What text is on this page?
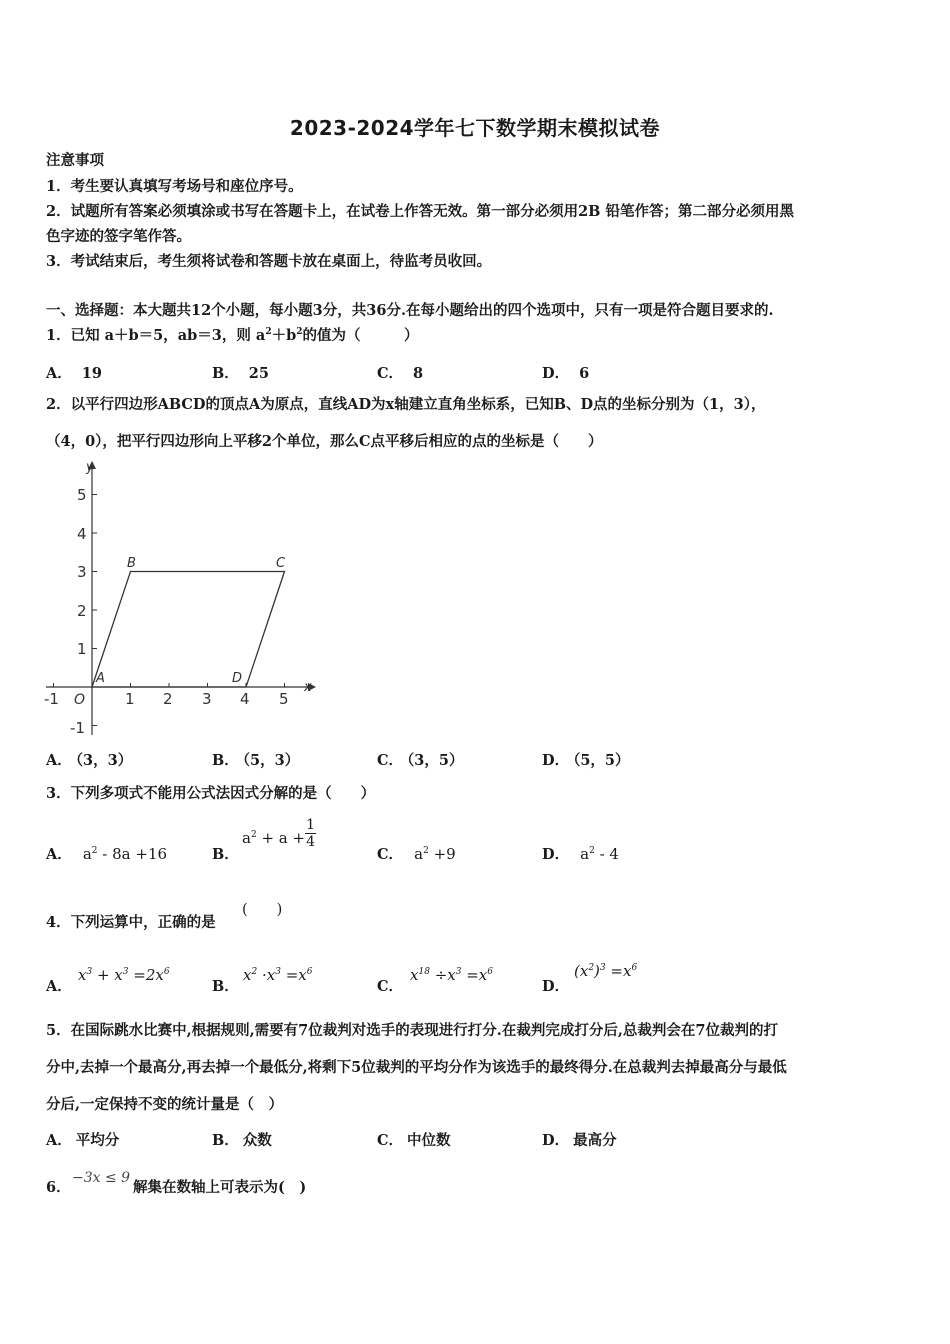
2023-2024学年七下数学期末模拟试卷
注意事项
1．考生要认真填写考场号和座位序号。
2．试题所有答案必须填涂或书写在答题卡上，在试卷上作答无效。第一部分必须用2B 铅笔作答；第二部分必须用黑
色字迹的签字笔作答。
3．考试结束后，考生须将试卷和答题卡放在桌面上，待监考员收回。
一、选择题：本大题共12个小题，每小题3分，共36分.在每小题给出的四个选项中，只有一项是符合题目要求的.
1．已知 a＋b＝5，ab＝3，则 $a^2+b^2$的值为（　　　）
A． 19	B． 25	C． 8	D． 6
2．以平行四边形ABCD的顶点A为原点，直线AD为x轴建立直角坐标系，已知B、D点的坐标分别为（1，3），
（4，0），把平行四边形向上平移2个单位，那么C点平移后相应的点的坐标是（　　）
-1	1 2 3 4 5
5
4
3
2
1
-1
y
x
O
A
B	C
D
A． （3，3）	B． （5，3）	C． （3，5）	D． （5，5）
3．下列多项式不能用公式法因式分解的是（　　）
A． $a^2 - 8a +16$	B．
$a^2 + a + \frac{1}{4}$
C． $a^2 +9$	D． $a^2 - 4$
4．下列运算中，正确的是
(　　)
A．
$x^3 + x^3 =2x^6$
B．
$x^2 \cdot x^3 =x^6$
C．
$x^{18} \div x^3 =x^6$
D．
$(x^2)^3 =x^6$
5．在国际跳水比赛中,根据规则,需要有7位裁判对选手的表现进行打分.在裁判完成打分后,总裁判会在7位裁判的打
分中,去掉一个最高分,再去掉一个最低分,将剩下5位裁判的平均分作为该选手的最终得分.在总裁判去掉最高分与最低
分后,一定保持不变的统计量是（　）
A． 平均分	B． 众数	C． 中位数	D． 最高分
6．
−3x ≤ 9
解集在数轴上可表示为(　)
